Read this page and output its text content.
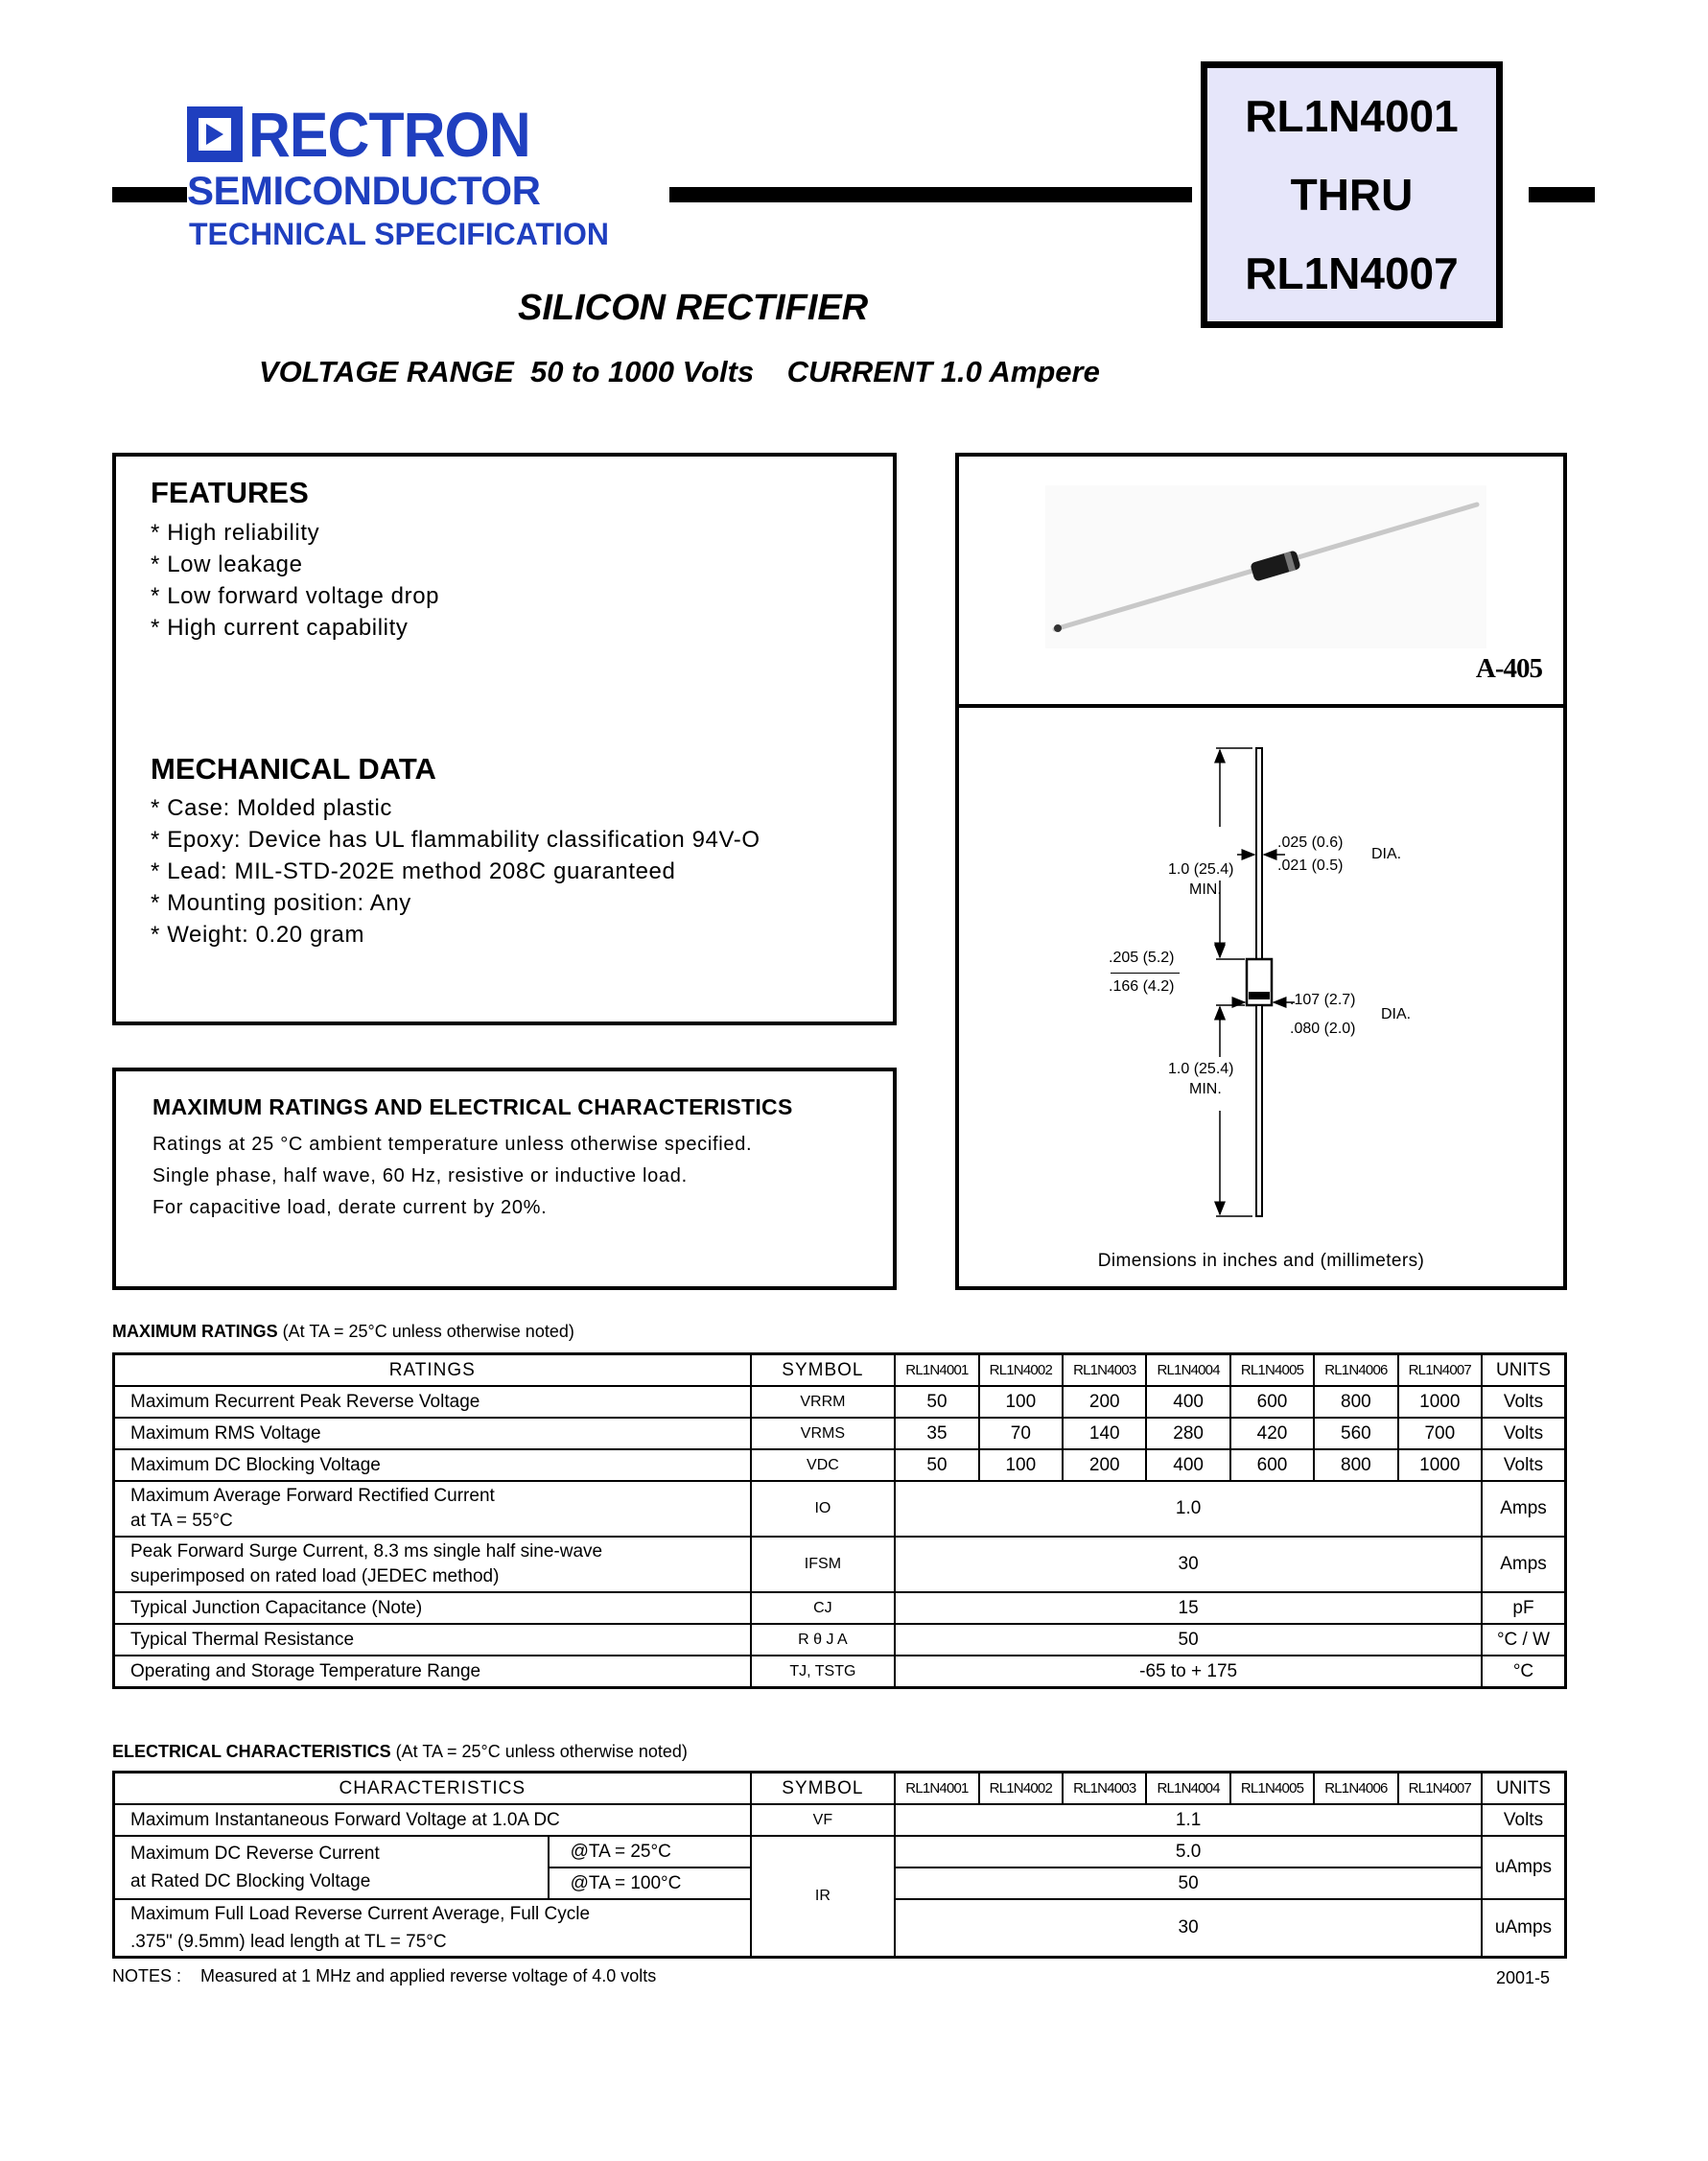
RECTRON
SEMICONDUCTOR
TECHNICAL SPECIFICATION
RL1N4001
THRU
RL1N4007
SILICON RECTIFIER
VOLTAGE RANGE  50 to 1000 Volts    CURRENT 1.0 Ampere
FEATURES
* High reliability
* Low leakage
* Low forward voltage drop
* High current capability
MECHANICAL DATA
* Case: Molded plastic
* Epoxy: Device has UL flammability classification 94V-O
* Lead: MIL-STD-202E method 208C guaranteed
* Mounting position: Any
* Weight: 0.20 gram
MAXIMUM RATINGS AND ELECTRICAL CHARACTERISTICS
Ratings at 25 °C ambient temperature unless otherwise specified.
Single phase, half wave, 60 Hz, resistive or inductive load.
For capacitive load, derate current by 20%.
A-405
.025 (0.6)
.021 (0.5)
DIA.
1.0 (25.4)
MIN.
.205 (5.2)
.166 (4.2)
.107 (2.7)
.080 (2.0)
DIA.
1.0 (25.4)
MIN.
Dimensions in inches and (millimeters)
MAXIMUM RATINGS (At TA = 25°C unless otherwise noted)
RATINGS	SYMBOL	RL1N4001	RL1N4002	RL1N4003	RL1N4004	RL1N4005	RL1N4006	RL1N4007	UNITS
Maximum Recurrent Peak Reverse Voltage	VRRM	50	100	200	400	600	800	1000	Volts
Maximum RMS Voltage	VRMS	35	70	140	280	420	560	700	Volts
Maximum DC Blocking Voltage	VDC	50	100	200	400	600	800	1000	Volts

Maximum Average Forward Rectified Current
at TA = 55°C	IO	1.0							Amps

Peak Forward Surge Current, 8.3 ms single half sine-wave
superimposed on rated load (JEDEC method)	IFSM	30							Amps
Typical Junction Capacitance (Note)	CJ	15							pF
Typical Thermal Resistance	R θ J A	50							°C / W
Operating and Storage Temperature Range	TJ, TSTG	-65 to + 175							°C
ELECTRICAL CHARACTERISTICS (At TA = 25°C unless otherwise noted)
CHARACTERISTICS		SYMBOL	RL1N4001	RL1N4002	RL1N4003	RL1N4004	RL1N4005	RL1N4006	RL1N4007	UNITS
Maximum Instantaneous Forward Voltage at 1.0A DC		VF	1.1							Volts

Maximum DC Reverse Current
at Rated DC Blocking Voltage	@TA = 25°C	IR	5.0							uAmps
	@TA = 100°C		50							

Maximum Full Load Reverse Current Average, Full Cycle
.375" (9.5mm) lead length at TL = 75°C			30							uAmps
NOTES :    Measured at 1 MHz and applied reverse voltage of 4.0 volts	2001-5
